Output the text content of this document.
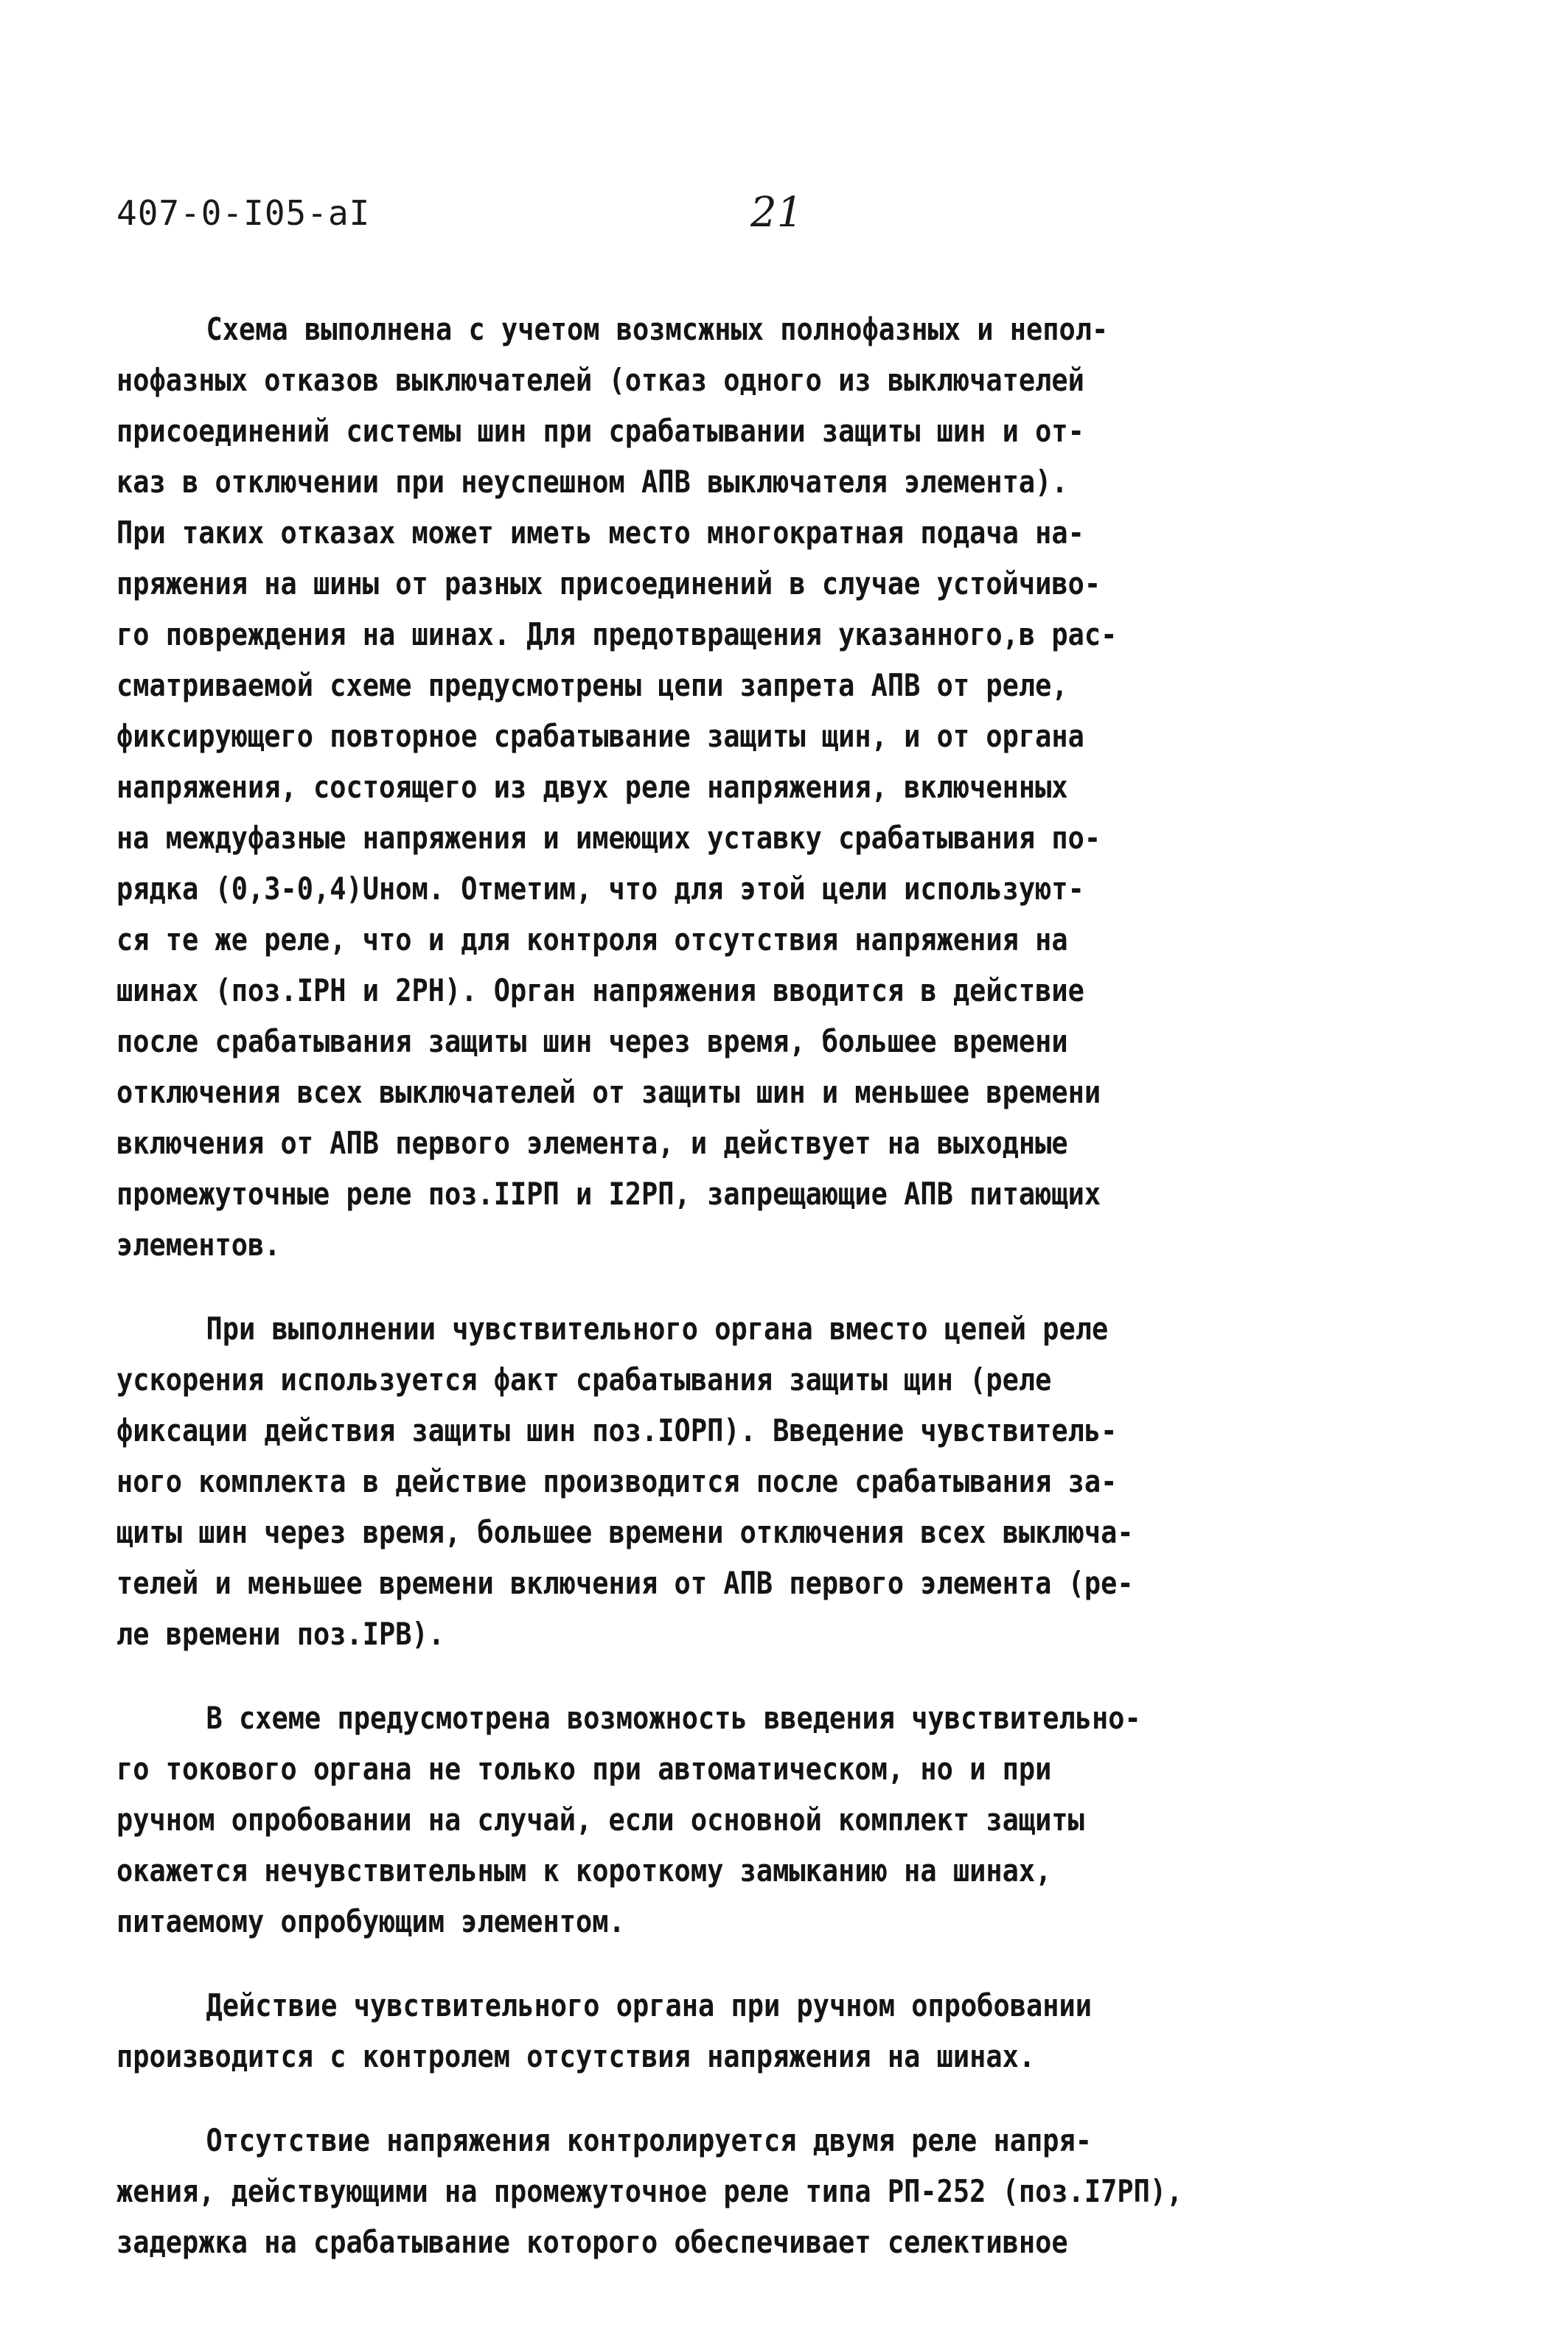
407-0-I05-aI	21
Схема выполнена с учетом возмсжных полнофазных и непол-
нофазных отказов выключателей (отказ одного из выключателей
присоединений системы шин при срабатывании защиты шин и от-
каз в отключении при неуспешном АПВ выключателя элемента).
При таких отказах может иметь место многократная подача на-
пряжения на шины от разных присоединений в случае устойчиво-
го повреждения на шинах. Для предотвращения указанного,в рас-
сматриваемой схеме предусмотрены цепи запрета АПВ от реле,
фиксирующего повторное срабатывание защиты щин, и от органа
напряжения, состоящего из двух реле напряжения, включенных
на междуфазные напряжения и имеющих уставку срабатывания по-
рядка (0,3-0,4)Uном. Отметим, что для этой цели используют-
ся те же реле, что и для контроля отсутствия напряжения на
шинах (поз.IPH и 2PH). Орган напряжения вводится в действие
после срабатывания защиты шин через время, большее времени
отключения всех выключателей от защиты шин и меньшее времени
включения от АПВ первого элемента, и действует на выходные
промежуточные реле поз.IIPП и I2PП, запрещающие АПВ питающих
элементов.
При выполнении чувствительного органа вместо цепей реле
ускорения используется факт срабатывания защиты щин (реле
фиксации действия защиты шин поз.IOPП). Введение чувствитель-
ного комплекта в действие производится после срабатывания за-
щиты шин через время, большее времени отключения всех выключа-
телей и меньшее времени включения от АПВ первого элемента (ре-
ле времени поз.IPB).
В схеме предусмотрена возможность введения чувствительно-
го токового органа не только при автоматическом, но и при
ручном опробовании на случай, если основной комплект защиты
окажется нечувствительным к короткому замыканию на шинах,
питаемому опробующим элементом.
Действие чувствительного органа при ручном опробовании
производится с контролем отсутствия напряжения на шинах.
Отсутствие напряжения контролируется двумя реле напря-
жения, действующими на промежуточное реле типа РП-252 (поз.I7PП),
задержка на срабатывание которого обеспечивает селективное
